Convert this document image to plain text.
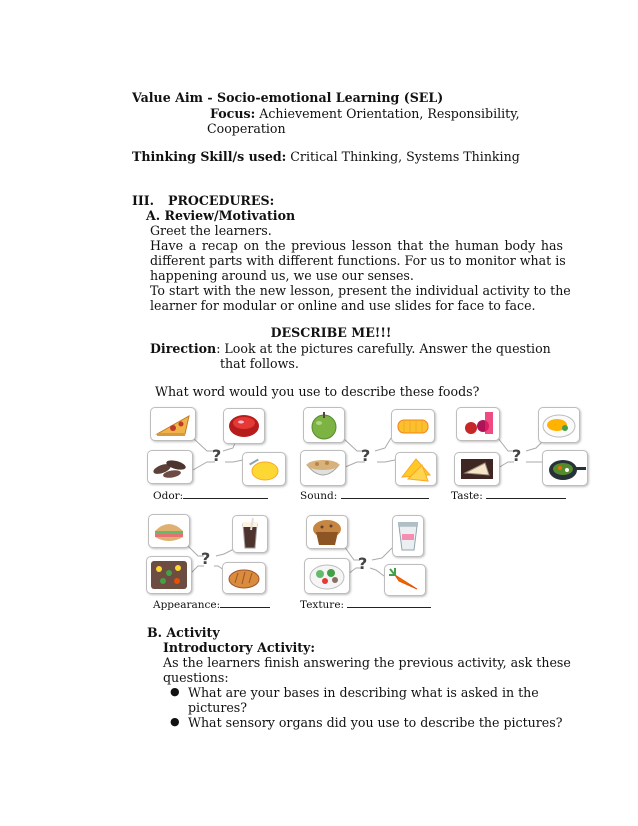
Value Aim - Socio-emotional Learning (SEL)
Focus: Achievement Orientation, Responsibility,
Cooperation
Thinking Skill/s used: Critical Thinking, Systems Thinking
III. PROCEDURES:
A. Review/Motivation
Greet the learners.
Have a recap on the previous lesson that the human body has
different parts with different functions. For us to monitor what is
happening around us, we use our senses.
To start with the new lesson, present the individual activity to the
learner for modular or online and use slides for face to face.
DESCRIBE ME!!!
Direction: Look at the pictures carefully. Answer the question
that follows.
What word would you use to describe these foods?
?	?	?
Odor:	Sound:	Taste:
?	?
Appearance:	Texture:
B. Activity
Introductory Activity:
As the learners finish answering the previous activity, ask these
questions:
● What are your bases in describing what is asked in the
pictures?
● What sensory organs did you use to describe the pictures?
